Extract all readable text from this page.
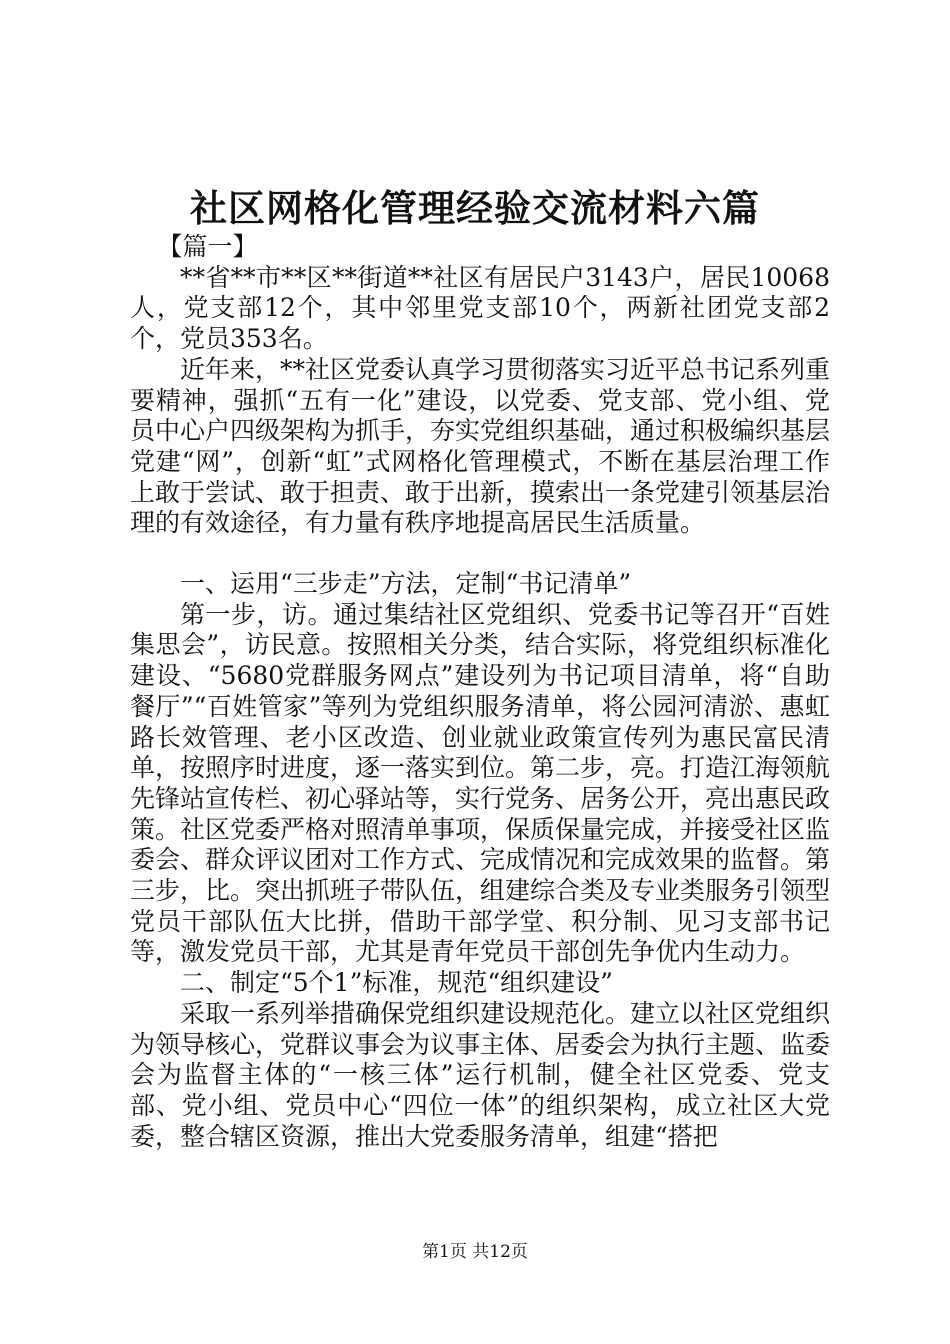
社区网格化管理经验交流材料六篇

【篇一】

**省**市**区**街道**社区有居民户3143户，居民10068人，党支部12个，其中邻里党支部10个，两新社团党支部2个，党员353名。

近年来，**社区党委认真学习贯彻落实习近平总书记系列重要精神，强抓“五有一化”建设，以党委、党支部、党小组、党员中心户四级架构为抓手，夯实党组织基础，通过积极编织基层党建“网”，创新“虹”式网格化管理模式，不断在基层治理工作上敢于尝试、敢于担责、敢于出新，摸索出一条党建引领基层治理的有效途径，有力量有秩序地提高居民生活质量。

一、运用“三步走”方法，定制“书记清单”

第一步，访。通过集结社区党组织、党委书记等召开“百姓集思会”，访民意。按照相关分类，结合实际，将党组织标准化建设、“5680党群服务网点”建设列为书记项目清单，将“自助餐厅”“百姓管家”等列为党组织服务清单，将公园河清淤、惠虹路长效管理、老小区改造、创业就业政策宣传列为惠民富民清单，按照序时进度，逐一落实到位。第二步，亮。打造江海领航先锋站宣传栏、初心驿站等，实行党务、居务公开，亮出惠民政策。社区党委严格对照清单事项，保质保量完成，并接受社区监委会、群众评议团对工作方式、完成情况和完成效果的监督。第三步，比。突出抓班子带队伍，组建综合类及专业类服务引领型党员干部队伍大比拼，借助干部学堂、积分制、见习支部书记等，激发党员干部，尤其是青年党员干部创先争优内生动力。

二、制定“5个1”标准，规范“组织建设”

采取一系列举措确保党组织建设规范化。建立以社区党组织为领导核心，党群议事会为议事主体、居委会为执行主题、监委会为监督主体的“一核三体”运行机制，健全社区党委、党支部、党小组、党员中心“四位一体”的组织架构，成立社区大党委，整合辖区资源，推出大党委服务清单，组建“搭把

第1页 共12页
